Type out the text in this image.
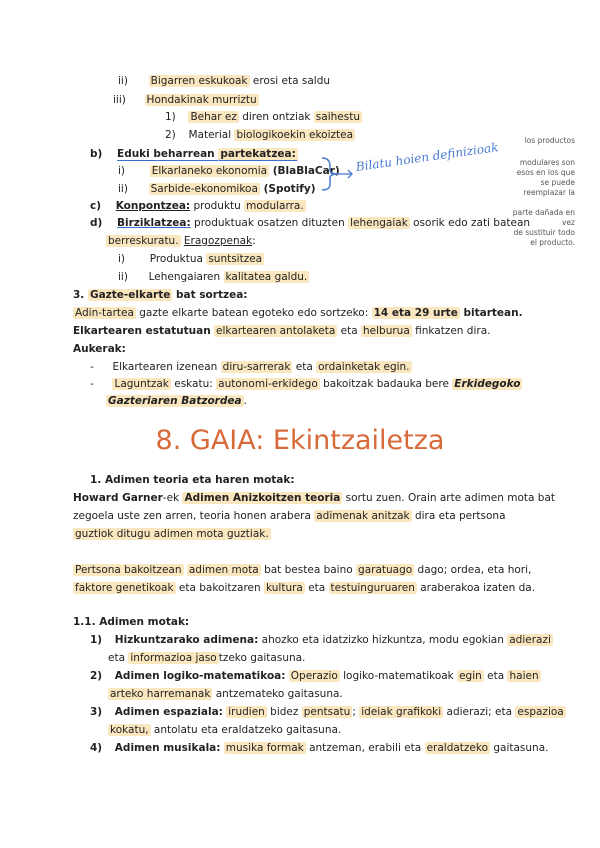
ii) Bigarren eskukoak erosi eta saldu
iii) Hondakinak murriztu
1) Behar ez diren ontziak saihestu
2) Material biologikoekin ekoiztea	los productos
modulares son
esos en los que
se puede
reemplazar la
parte dañada en vez
de sustituir todo
el producto.
b) Eduki beharrean partekatzea:
i)	Elkarlaneko ekonomia (BlaBlaCar)
ii) Sarbide-ekonomikoa (Spotify)
Bilatu hoien definizioak
c) Konpontzea: produktu modularra.
d) Birziklatzea: produktuak osatzen dituzten lehengaiak osorik edo zati batean
berreskuratu. Eragozpenak:
i) Produktua suntsitzea
ii) Lehengaiaren kalitatea galdu.
3. Gazte-elkarte bat sortzea:
Adin-tartea gazte elkarte batean egoteko edo sortzeko: 14 eta 29 urte bitartean.
Elkartearen estatutuan elkartearen antolaketa eta helburua finkatzen dira.
Aukerak:
- Elkartearen izenean diru-sarrerak eta ordainketak egin.
- Laguntzak eskatu: autonomi-erkidego bakoitzak badauka bere Erkidegoko
Gazteriaren Batzordea .
8. GAIA: Ekintzailetza
1. Adimen teoria eta haren motak:
Howard Garner-ek Adimen Anizkoitzen teoria sortu zuen. Orain arte adimen mota bat
zegoela uste zen arren, teoria honen arabera adimenak anitzak dira eta pertsona
guztiok ditugu adimen mota guztiak.
Pertsona bakoitzean adimen mota bat bestea baino garatuago dago; ordea, eta hori,
faktore genetikoak eta bakoitzaren kultura eta testuinguruaren araberakoa izaten da.
1.1. Adimen motak:
1) Hizkuntzarako adimena: ahozko eta idatzizko hizkuntza, modu egokian adierazi
eta informazioa jaso tzeko gaitasuna.
2) Adimen logiko-matematikoa: Operazio logiko-matematikoak egin eta haien
arteko harremanak antzemateko gaitasuna.
3) Adimen espaziala: irudien bidez pentsatu ; ideiak grafikoki adierazi; eta espazioa
kokatu, antolatu eta eraldatzeko gaitasuna.
4) Adimen musikala: musika formak antzeman, erabili eta eraldatzeko gaitasuna.
